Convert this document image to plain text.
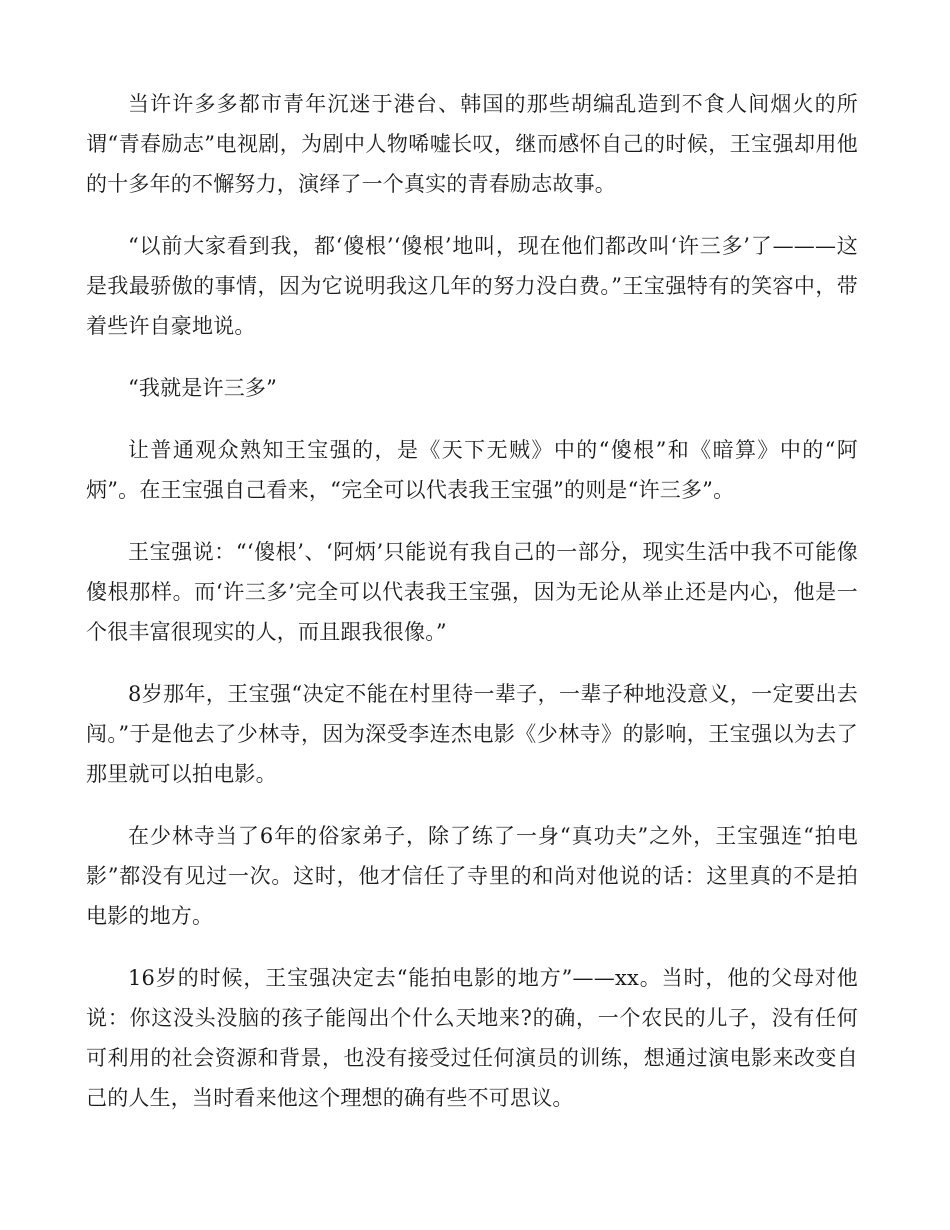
当许许多多都市青年沉迷于港台、韩国的那些胡编乱造到不食人间烟火的所谓“青春励志”电视剧，为剧中人物唏嘘长叹，继而感怀自己的时候，王宝强却用他的十多年的不懈努力，演绎了一个真实的青春励志故事。

“以前大家看到我，都‘傻根’‘傻根’地叫，现在他们都改叫‘许三多’了———这是我最骄傲的事情，因为它说明我这几年的努力没白费。”王宝强特有的笑容中，带着些许自豪地说。

“我就是许三多”

让普通观众熟知王宝强的，是《天下无贼》中的“傻根”和《暗算》中的“阿炳”。在王宝强自己看来，“完全可以代表我王宝强”的则是“许三多”。

王宝强说：“‘傻根’、‘阿炳’只能说有我自己的一部分，现实生活中我不可能像傻根那样。而‘许三多’完全可以代表我王宝强，因为无论从举止还是内心，他是一个很丰富很现实的人，而且跟我很像。”

8岁那年，王宝强“决定不能在村里待一辈子，一辈子种地没意义，一定要出去闯。”于是他去了少林寺，因为深受李连杰电影《少林寺》的影响，王宝强以为去了那里就可以拍电影。

在少林寺当了6年的俗家弟子，除了练了一身“真功夫”之外，王宝强连“拍电影”都没有见过一次。这时，他才信任了寺里的和尚对他说的话：这里真的不是拍电影的地方。

16岁的时候，王宝强决定去“能拍电影的地方”——xx。当时，他的父母对他说：你这没头没脑的孩子能闯出个什么天地来?的确，一个农民的儿子，没有任何可利用的社会资源和背景，也没有接受过任何演员的训练，想通过演电影来改变自己的人生，当时看来他这个理想的确有些不可思议。
